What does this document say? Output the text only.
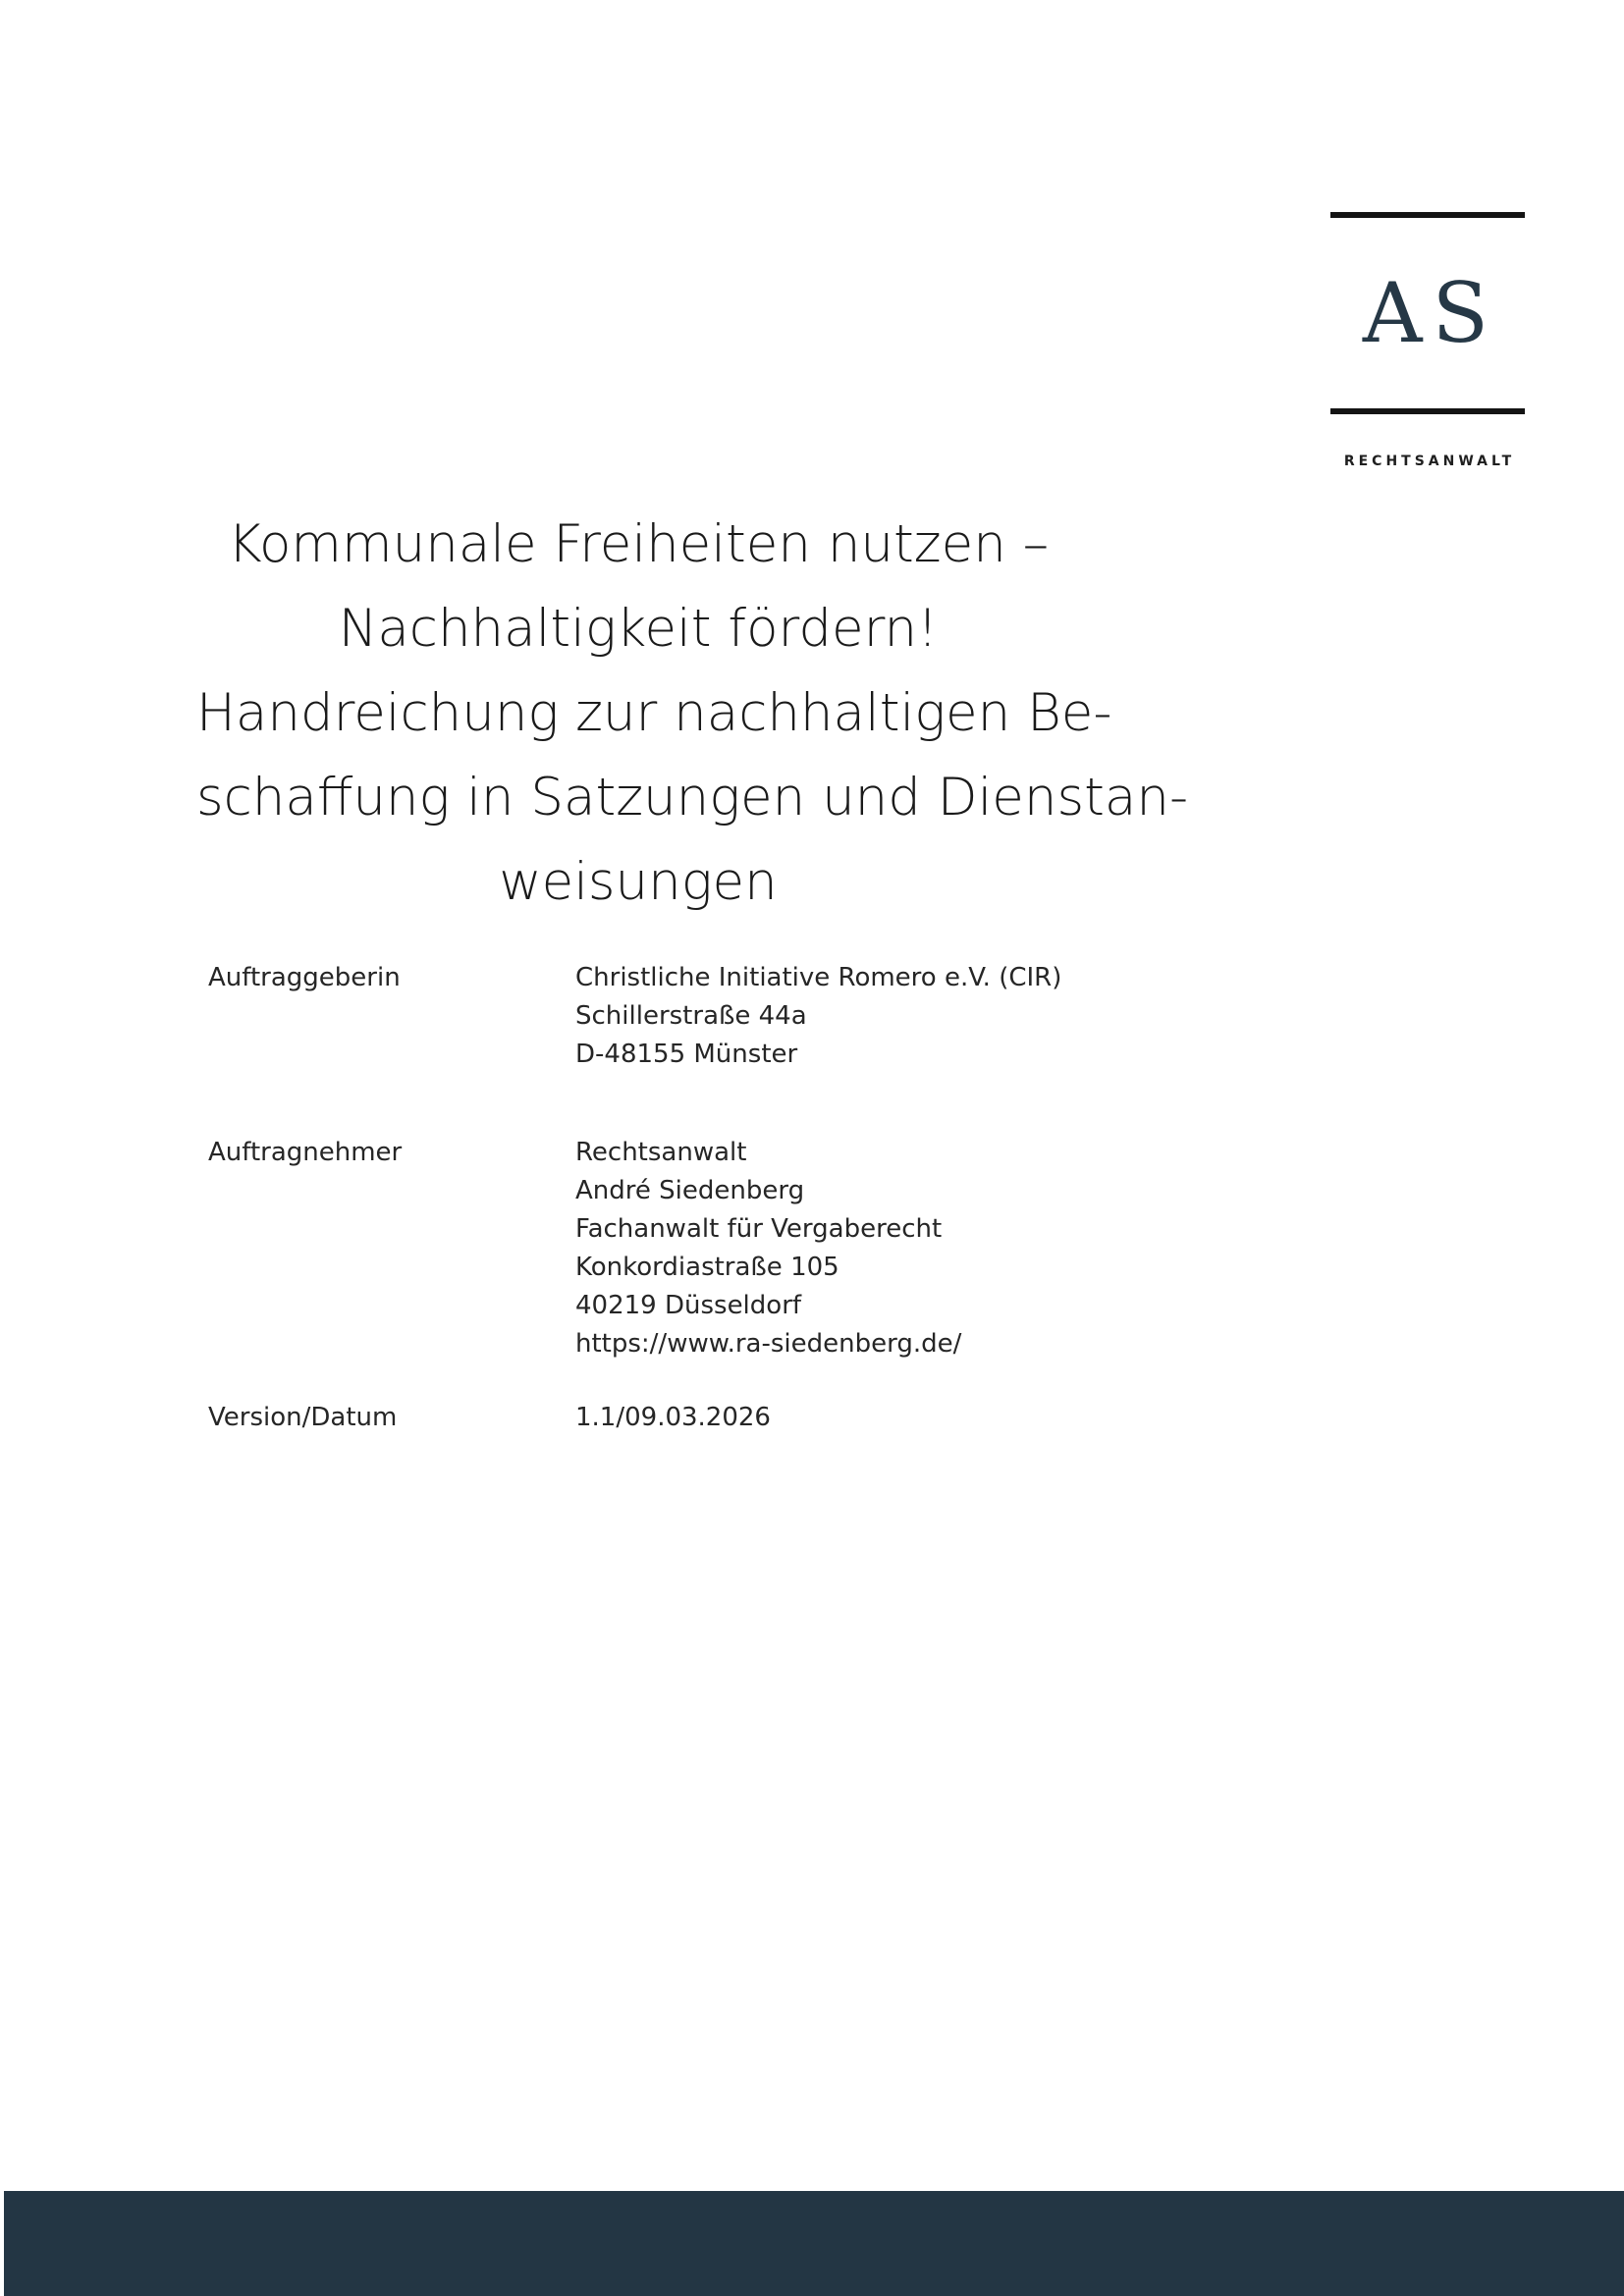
AS
RECHTSANWALT
Kommunale Freiheiten nutzen –
Nachhaltigkeit fördern!
Handreichung zur nachhaltigen Be-
schaffung in Satzungen und Dienstan-
weisungen
Auftraggeberin	Christliche Initiative Romero e.V. (CIR)
Schillerstraße 44a
D-48155 Münster
Auftragnehmer	Rechtsanwalt
André Siedenberg
Fachanwalt für Vergaberecht
Konkordiastraße 105
40219 Düsseldorf
https://www.ra-siedenberg.de/
Version/Datum	1.1/09.03.2026
